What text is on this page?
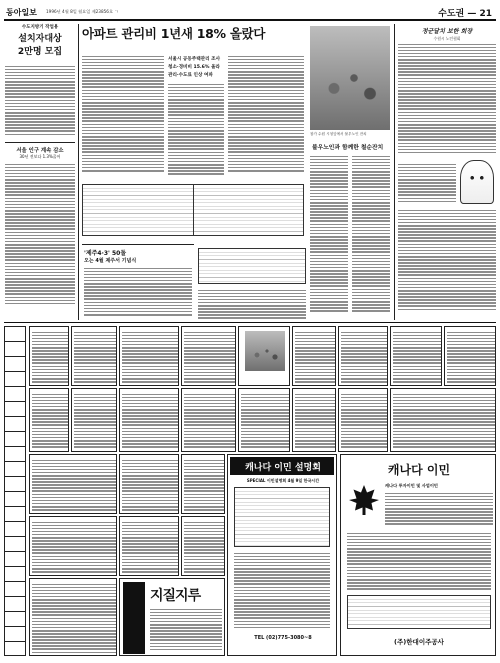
동아일보 1996년 4월 8일 월요일 제23856호 ㄱ	수도권 — 21
수도지방기 작업용
설치자대상
2만명 모집
서울 인구 계속 감소
30년 전보다 1.3%줄어
아파트 관리비 1년새 18% 올랐다
서울시 공동주택관리 조사
청소·경비비 15.6% 올라
관리·수도료 인상 여파
'제주4·3' 50돌
오는 4월 제주서 기념식
참가 수원 시청앞에서 불우노인 잔치
불우노인과 함께한 철순잔치
정군달치 보한 회장
수원시 노인협회
지질지루
캐나다 이민 설명회
SPECIAL 이민설명회 4월 9일 한국시간
TEL (02)775-3080~8
캐나다 이민
캐나다 투자이민 및 사업이민
(주)한대이주공사
